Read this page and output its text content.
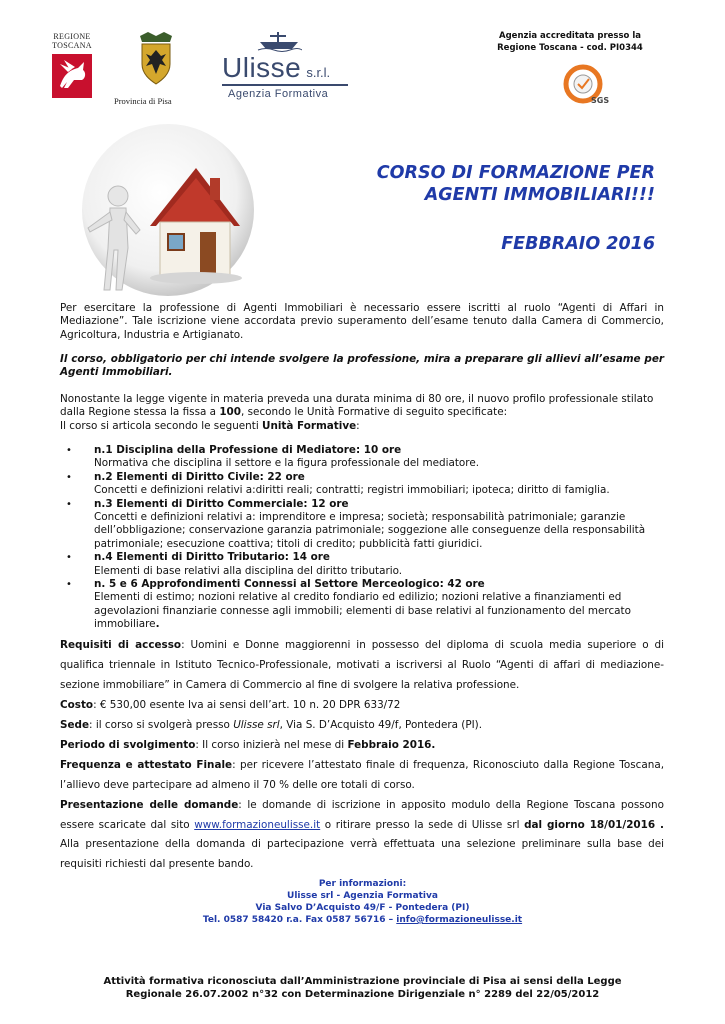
REGIONE
TOSCANA
Provincia di Pisa
Ulisse s.r.l.
Agenzia Formativa
Agenzia accreditata presso la
Regione Toscana - cod. PI0344
SGS
CORSO DI FORMAZIONE PER
AGENTI IMMOBILIARI!!!
FEBBRAIO 2016
Per esercitare la professione di Agenti Immobiliari è necessario essere iscritti al ruolo “Agenti di Affari in Mediazione”. Tale iscrizione viene accordata previo superamento dell’esame tenuto dalla Camera di Commercio, Agricoltura, Industria e Artigianato.
Il corso, obbligatorio per chi intende svolgere la professione, mira a preparare gli allievi all’esame per Agenti Immobiliari.
Nonostante la legge vigente in materia preveda una durata minima di 80 ore, il nuovo profilo professionale stilato dalla Regione stessa la fissa a 100, secondo le Unità Formative di seguito specificate:
Il corso si articola secondo le seguenti Unità Formative:
• n.1 Disciplina della Professione di Mediatore: 10 ore
Normativa che disciplina il settore e la figura professionale del mediatore.
• n.2 Elementi di Diritto Civile: 22 ore
Concetti e definizioni relativi a:diritti reali; contratti; registri immobiliari; ipoteca; diritto di famiglia.
• n.3 Elementi di Diritto Commerciale: 12 ore
Concetti e definizioni relativi a: imprenditore e impresa; società; responsabilità patrimoniale; garanzie dell’obbligazione; conservazione garanzia patrimoniale; soggezione alle conseguenze della responsabilità patrimoniale; esecuzione coattiva; titoli di credito; pubblicità fatti giuridici.
• n.4 Elementi di Diritto Tributario: 14 ore
Elementi di base relativi alla disciplina del diritto tributario.
• n. 5 e 6 Approfondimenti Connessi al Settore Merceologico: 42 ore
Elementi di estimo; nozioni relative al credito fondiario ed edilizio; nozioni relative a finanziamenti ed agevolazioni finanziarie connesse agli immobili; elementi di base relativi al funzionamento del mercato immobiliare.

Requisiti di accesso: Uomini e Donne maggiorenni in possesso del diploma di scuola media superiore o di qualifica triennale in Istituto Tecnico-Professionale, motivati a iscriversi al Ruolo “Agenti di affari di mediazione-sezione immobiliare” in Camera di Commercio al fine di svolgere la relativa professione.

Costo: € 530,00 esente Iva ai sensi dell’art. 10 n. 20 DPR 633/72

Sede: il corso si svolgerà presso Ulisse srl, Via S. D’Acquisto 49/f, Pontedera (PI).

Periodo di svolgimento: Il corso inizierà nel mese di Febbraio 2016.

Frequenza e attestato Finale: per ricevere l’attestato finale di frequenza, Riconosciuto dalla Regione Toscana, l’allievo deve partecipare ad almeno il 70 % delle ore totali di corso.

Presentazione delle domande: le domande di iscrizione in apposito modulo della Regione Toscana possono essere scaricate dal sito www.formazioneulisse.it o ritirare presso la sede di Ulisse srl dal giorno 18/01/2016 . Alla presentazione della domanda di partecipazione verrà effettuata una selezione preliminare sulla base dei requisiti richiesti dal presente bando.

Per informazioni:
Ulisse srl - Agenzia Formativa
Via Salvo D’Acquisto 49/F - Pontedera (PI)
Tel. 0587 58420 r.a. Fax 0587 56716 – info@formazioneulisse.it
Attività formativa riconosciuta dall’Amministrazione provinciale di Pisa ai sensi della Legge
Regionale 26.07.2002 n°32 con Determinazione Dirigenziale n° 2289 del 22/05/2012
